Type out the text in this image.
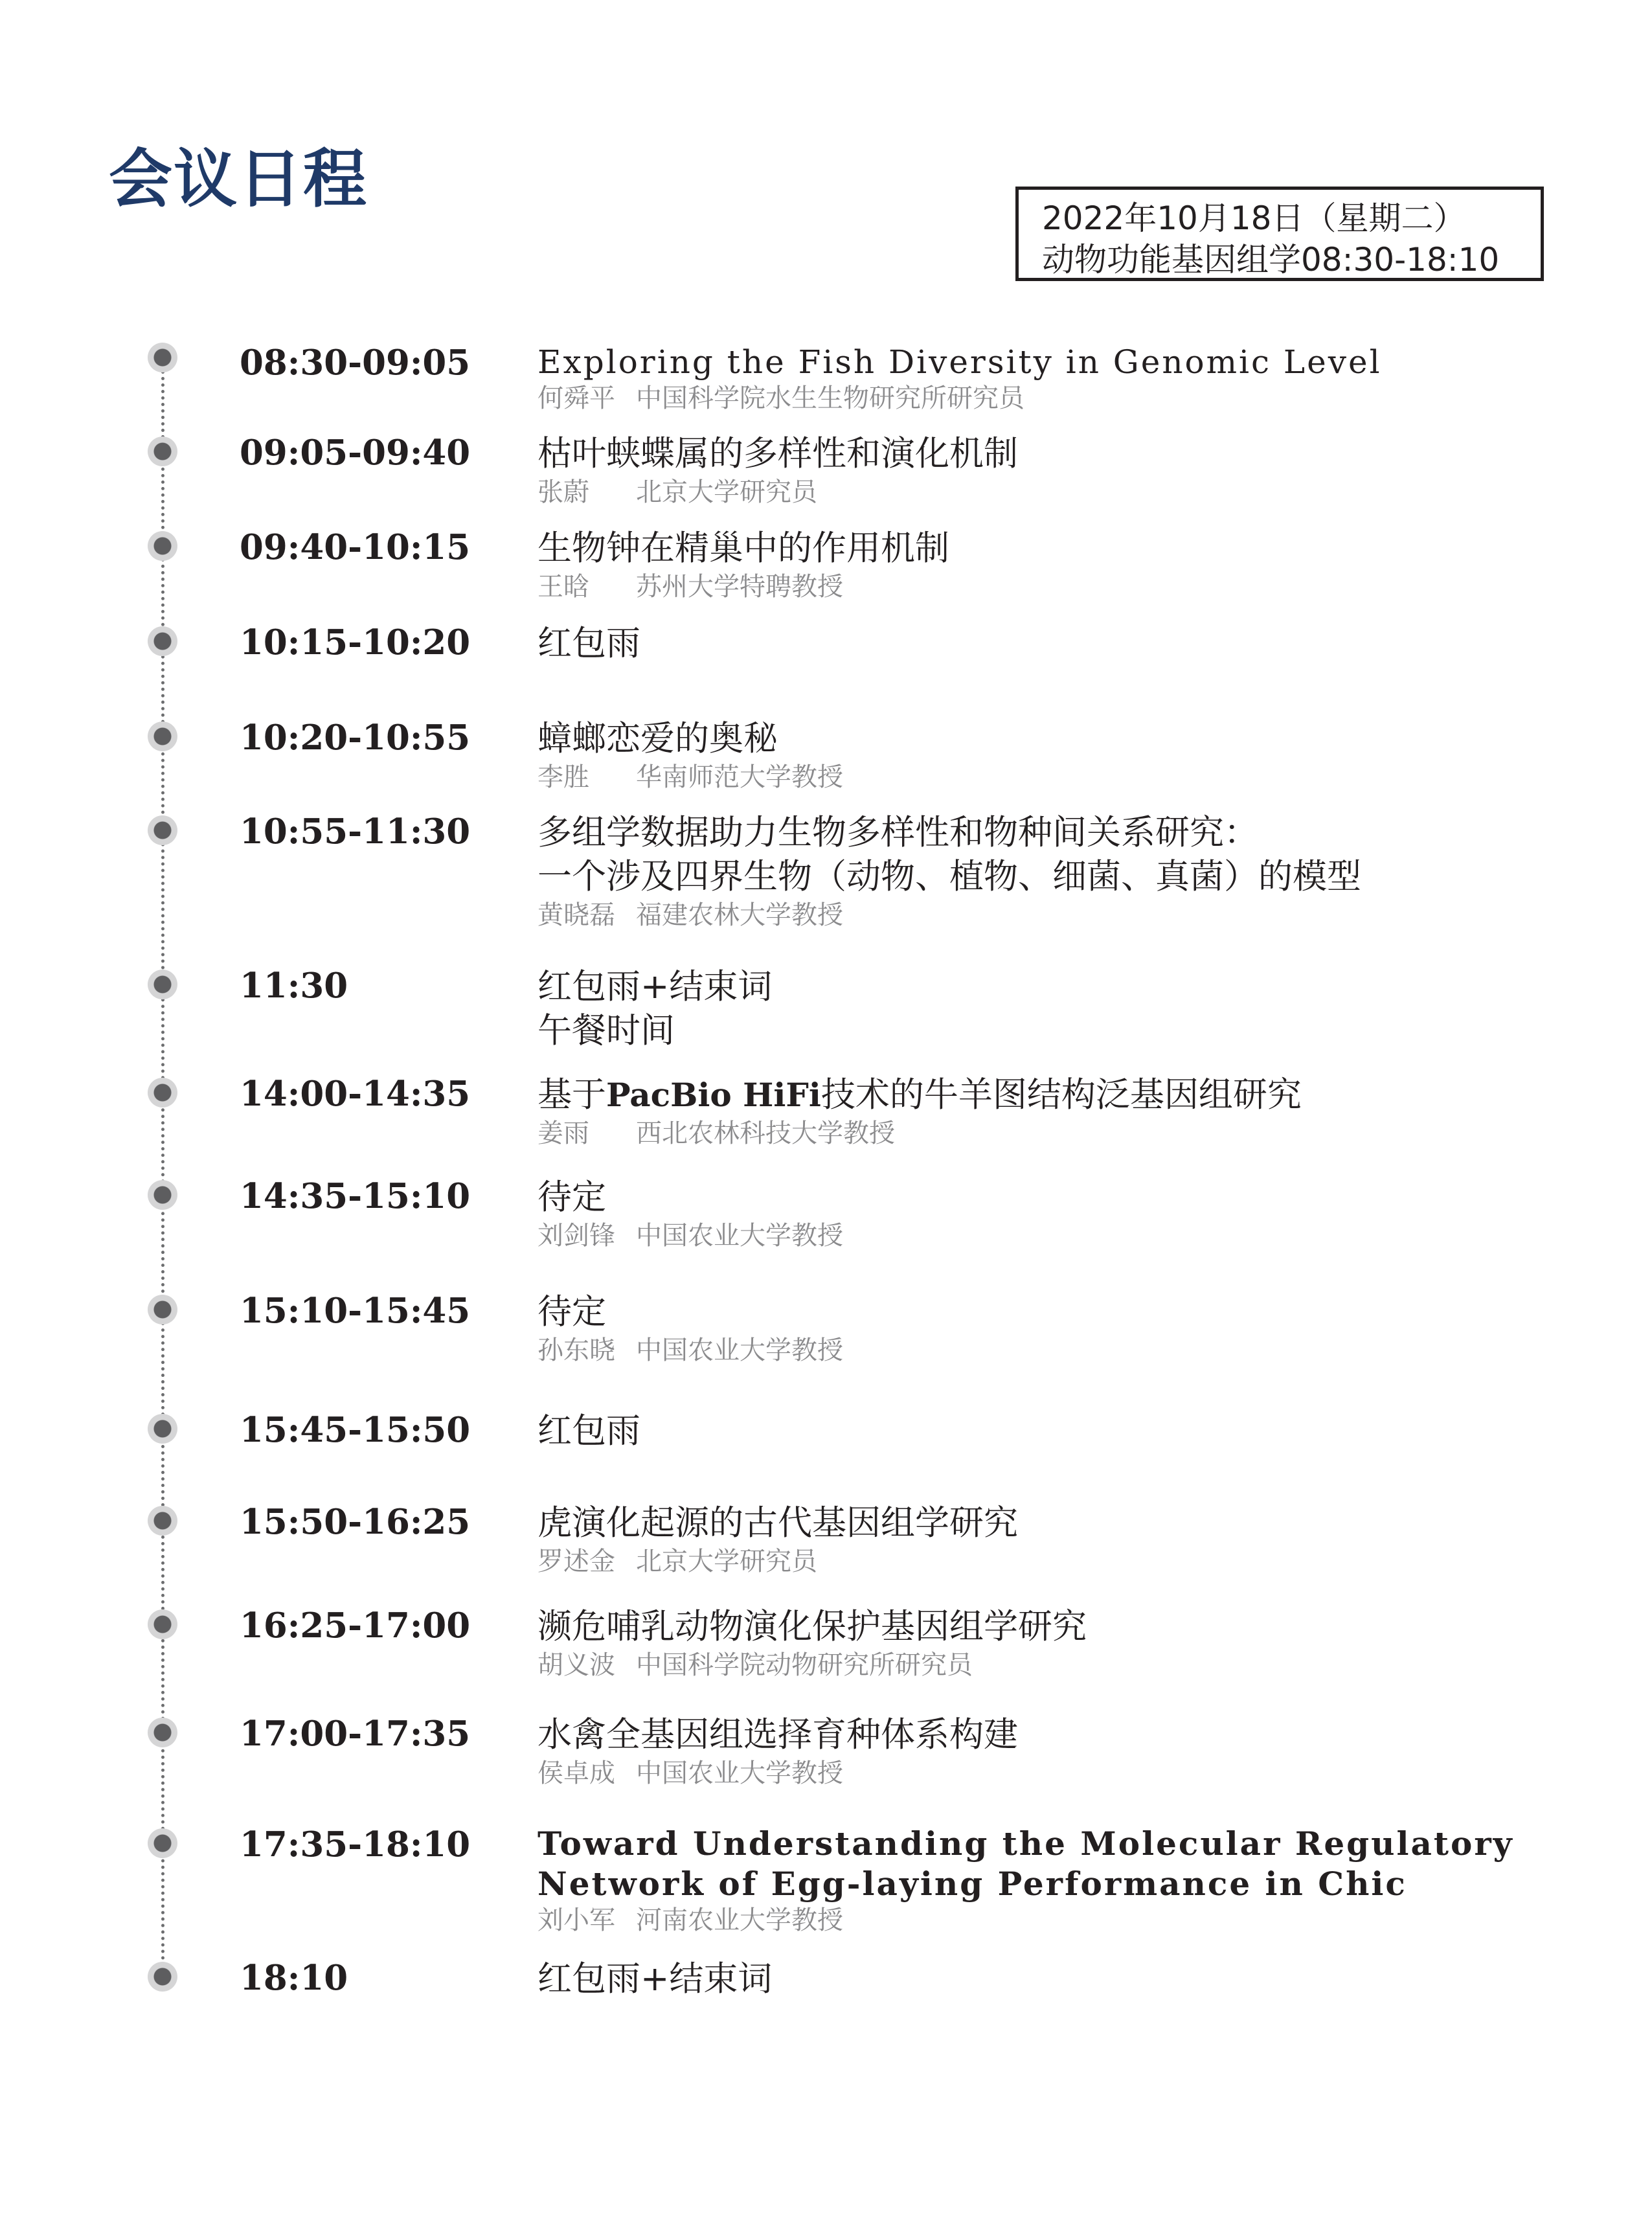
会议日程
2022年10月18日（星期二）
动物功能基因组学08:30-18:10
08:30-09:05 Exploring the Fish Diversity in Genomic Level
何舜平 中国科学院水生生物研究所研究员
09:05-09:40 枯叶蛱蝶属的多样性和演化机制
张蔚 北京大学研究员
09:40-10:15 生物钟在精巢中的作用机制
王晗 苏州大学特聘教授
10:15-10:20 红包雨
10:20-10:55 蟑螂恋爱的奥秘
李胜 华南师范大学教授
10:55-11:30 多组学数据助力生物多样性和物种间关系研究：
一个涉及四界生物（动物、植物、细菌、真菌）的模型
黄晓磊 福建农林大学教授
11:30	红包雨+结束词
午餐时间
14:00-14:35 基于PacBio HiFi技术的牛羊图结构泛基因组研究
姜雨 西北农林科技大学教授
14:35-15:10 待定
刘剑锋 中国农业大学教授
15:10-15:45 待定
孙东晓 中国农业大学教授
15:45-15:50 红包雨
15:50-16:25 虎演化起源的古代基因组学研究
罗述金 北京大学研究员
16:25-17:00 濒危哺乳动物演化保护基因组学研究
胡义波 中国科学院动物研究所研究员
17:00-17:35 水禽全基因组选择育种体系构建
侯卓成 中国农业大学教授
17:35-18:10 Toward Understanding the Molecular Regulatory
Network of Egg-laying Performance in Chic
刘小军 河南农业大学教授
18:10	红包雨+结束词
